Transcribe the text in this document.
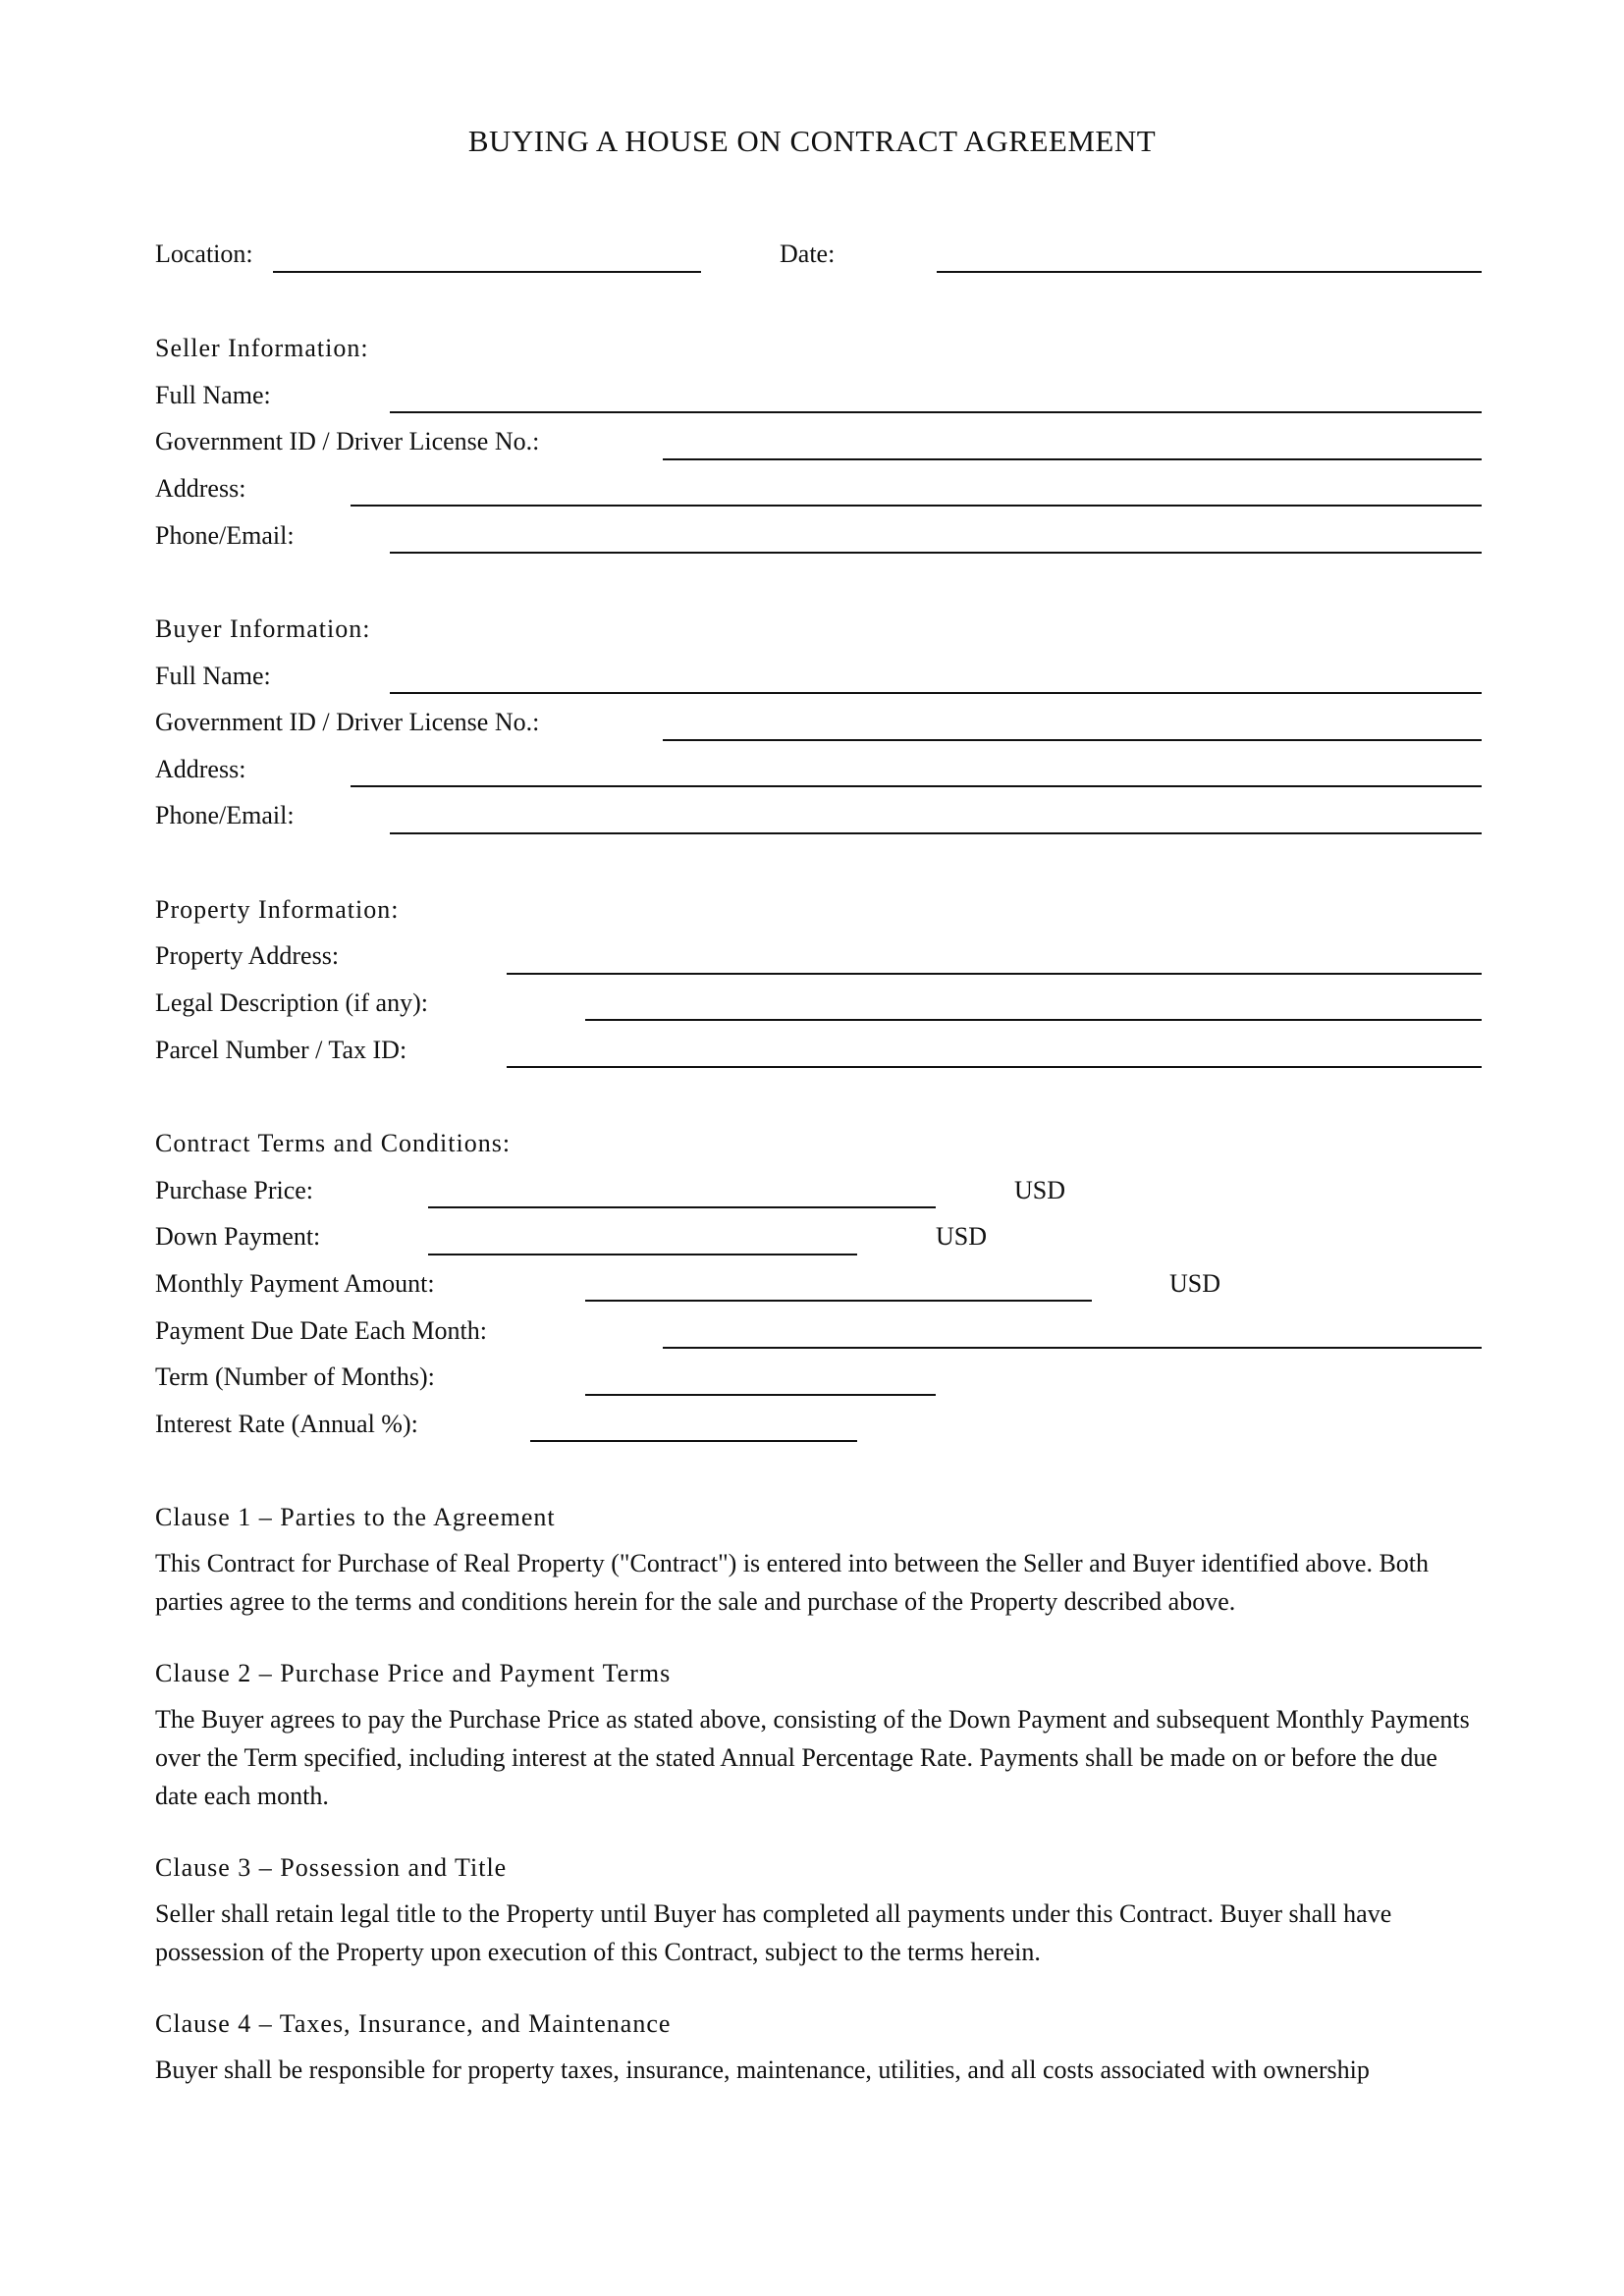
BUYING A HOUSE ON CONTRACT AGREEMENT
Location:	Date:
Seller Information:
Full Name:
Government ID / Driver License No.:
Address:
Phone/Email:
Buyer Information:
Full Name:
Government ID / Driver License No.:
Address:
Phone/Email:
Property Information:
Property Address:
Legal Description (if any):
Parcel Number / Tax ID:
Contract Terms and Conditions:
Purchase Price:	USD
Down Payment:	USD
Monthly Payment Amount:	USD
Payment Due Date Each Month:
Term (Number of Months):
Interest Rate (Annual %):
Clause 1 – Parties to the Agreement
This Contract for Purchase of Real Property ("Contract") is entered into between the Seller and Buyer identified above. Both parties agree to the terms and conditions herein for the sale and purchase of the Property described above.
Clause 2 – Purchase Price and Payment Terms
The Buyer agrees to pay the Purchase Price as stated above, consisting of the Down Payment and subsequent Monthly Payments over the Term specified, including interest at the stated Annual Percentage Rate. Payments shall be made on or before the due date each month.
Clause 3 – Possession and Title
Seller shall retain legal title to the Property until Buyer has completed all payments under this Contract. Buyer shall have possession of the Property upon execution of this Contract, subject to the terms herein.
Clause 4 – Taxes, Insurance, and Maintenance
Buyer shall be responsible for property taxes, insurance, maintenance, utilities, and all costs associated with ownership
